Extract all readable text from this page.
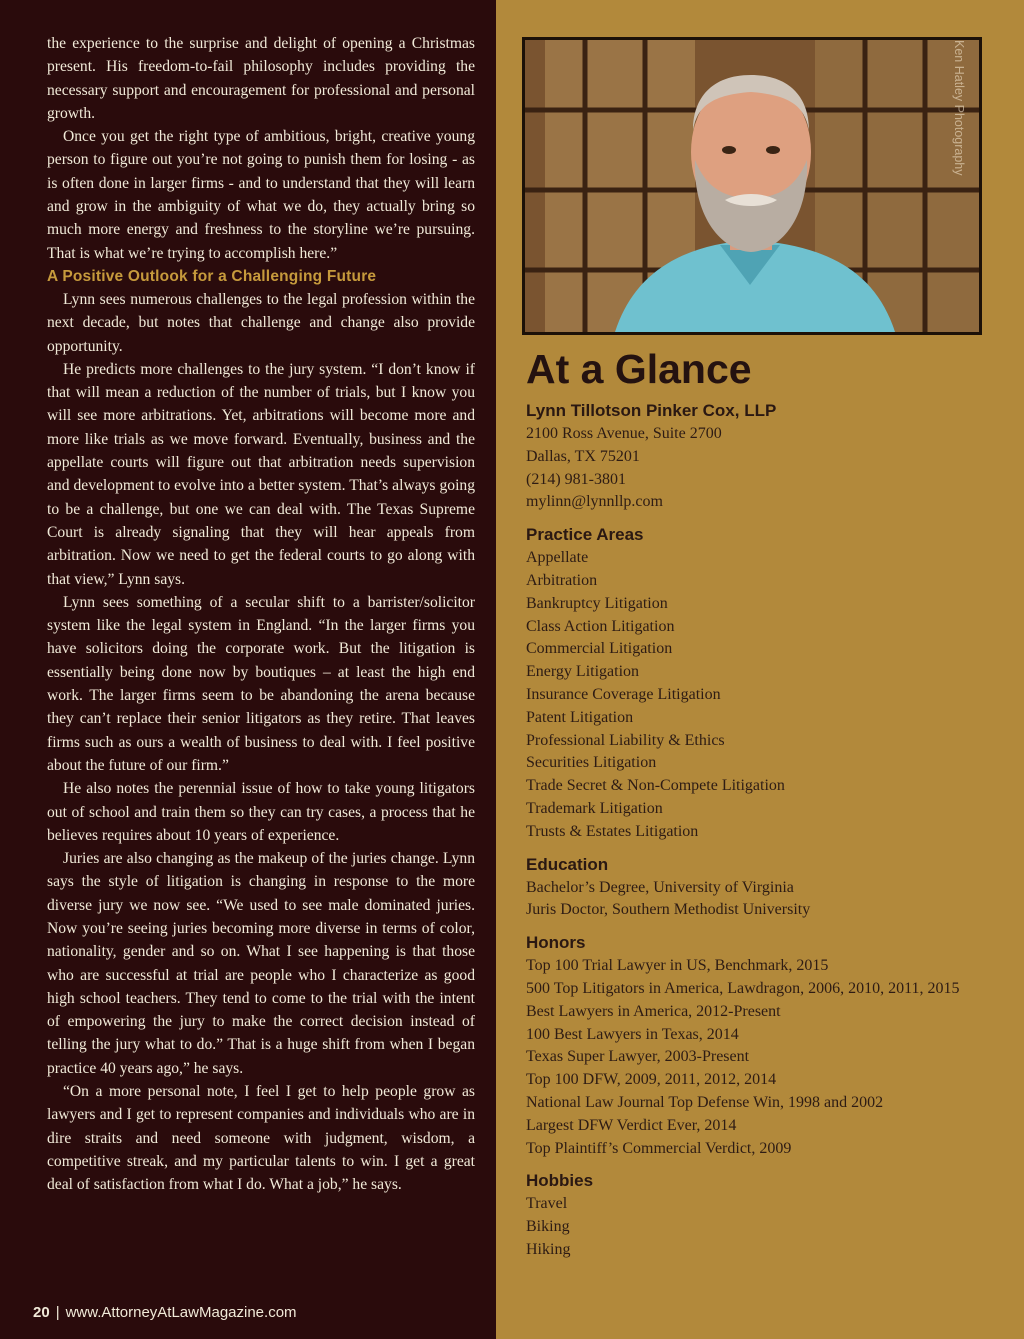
the experience to the surprise and delight of opening a Christmas present. His freedom-to-fail philosophy includes providing the necessary support and encouragement for professional and personal growth.

Once you get the right type of ambitious, bright, creative young person to figure out you’re not going to punish them for losing - as is often done in larger firms - and to understand that they will learn and grow in the ambiguity of what we do, they actually bring so much more energy and freshness to the storyline we’re pursuing. That is what we’re trying to accomplish here.”

A Positive Outlook for a Challenging Future

Lynn sees numerous challenges to the legal profession within the next decade, but notes that challenge and change also provide opportunity.

He predicts more challenges to the jury system. “I don’t know if that will mean a reduction of the number of trials, but I know you will see more arbitrations. Yet, arbitrations will become more and more like trials as we move forward. Eventually, business and the appellate courts will figure out that arbitration needs supervision and development to evolve into a better system. That’s always going to be a challenge, but one we can deal with. The Texas Supreme Court is already signaling that they will hear appeals from arbitration. Now we need to get the federal courts to go along with that view,” Lynn says.

Lynn sees something of a secular shift to a barrister/solicitor system like the legal system in England. “In the larger firms you have solicitors doing the corporate work. But the litigation is essentially being done now by boutiques – at least the high end work. The larger firms seem to be abandoning the arena because they can’t replace their senior litigators as they retire. That leaves firms such as ours a wealth of business to deal with. I feel positive about the future of our firm.”

He also notes the perennial issue of how to take young litigators out of school and train them so they can try cases, a process that he believes requires about 10 years of experience.

Juries are also changing as the makeup of the juries change. Lynn says the style of litigation is changing in response to the more diverse jury we now see. “We used to see male dominated juries. Now you’re seeing juries becoming more diverse in terms of color, nationality, gender and so on. What I see happening is that those who are successful at trial are people who I characterize as good high school teachers. They tend to come to the trial with the intent of empowering the jury to make the correct decision instead of telling the jury what to do.” That is a huge shift from when I began practice 40 years ago,” he says.

“On a more personal note, I feel I get to help people grow as lawyers and I get to represent companies and individuals who are in dire straits and need someone with judgment, wisdom, a competitive streak, and my particular talents to win. I get a great deal of satisfaction from what I do. What a job,” he says.

20 | www.AttorneyAtLawMagazine.com
Ken Hatley Photography
At a Glance
Lynn Tillotson Pinker Cox, LLP
2100 Ross Avenue, Suite 2700
Dallas, TX 75201
(214) 981-3801
mylinn@lynnllp.com
Practice Areas
Appellate
Arbitration
Bankruptcy Litigation
Class Action Litigation
Commercial Litigation
Energy Litigation
Insurance Coverage Litigation
Patent Litigation
Professional Liability & Ethics
Securities Litigation
Trade Secret & Non-Compete Litigation
Trademark Litigation
Trusts & Estates Litigation
Education
Bachelor’s Degree, University of Virginia
Juris Doctor, Southern Methodist University
Honors
Top 100 Trial Lawyer in US, Benchmark, 2015
500 Top Litigators in America, Lawdragon, 2006, 2010, 2011, 2015
Best Lawyers in America, 2012-Present
100 Best Lawyers in Texas, 2014
Texas Super Lawyer, 2003-Present
Top 100 DFW, 2009, 2011, 2012, 2014
National Law Journal Top Defense Win, 1998 and 2002
Largest DFW Verdict Ever, 2014
Top Plaintiff’s Commercial Verdict, 2009
Hobbies
Travel
Biking
Hiking
